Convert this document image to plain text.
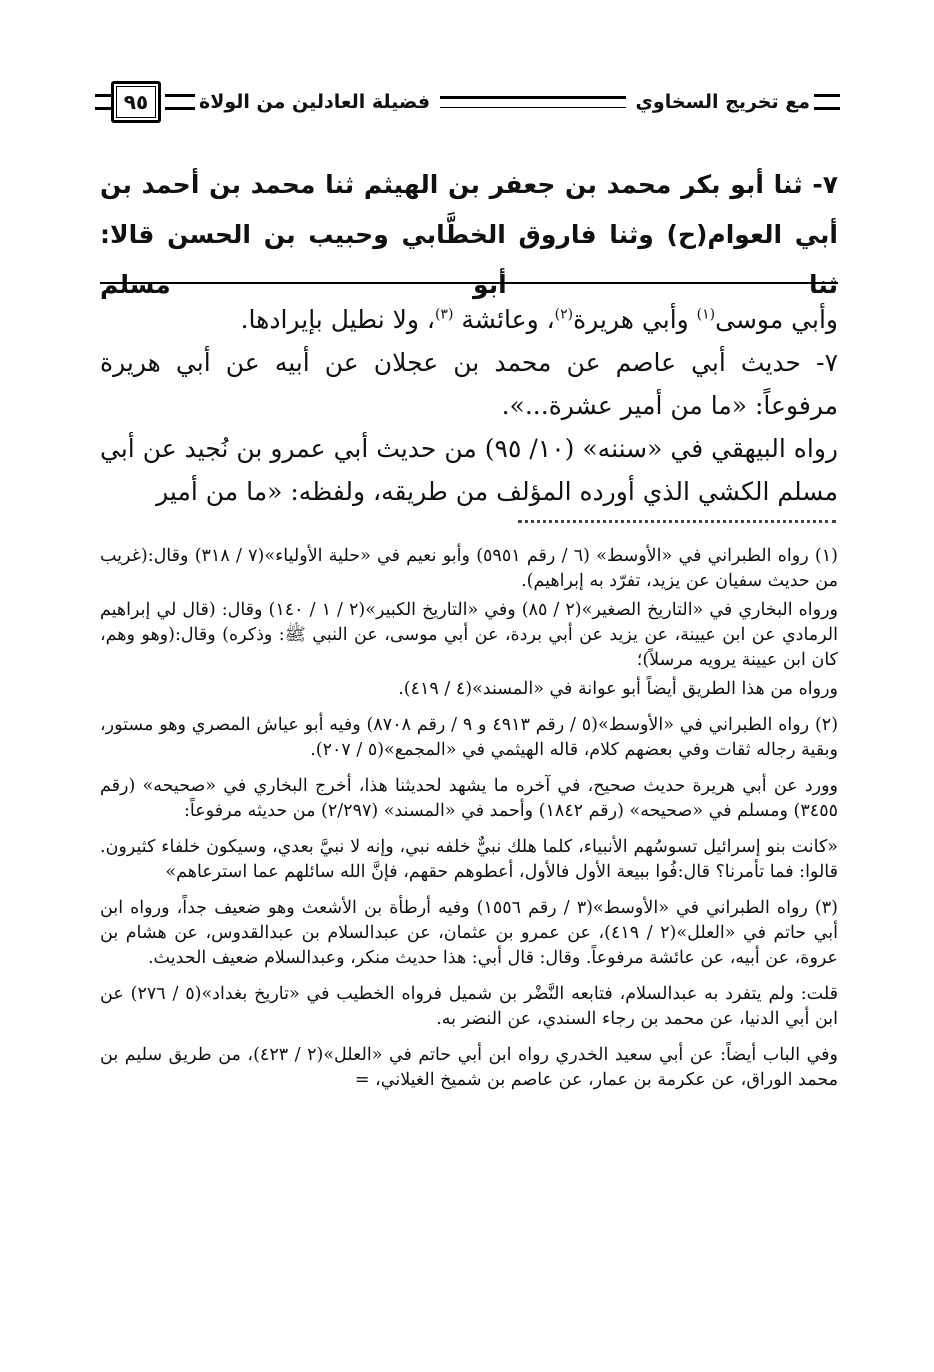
مع تخريج السخاوي
فضيلة العادلين من الولاة
٩٥

٧- ثنا أبو بكر محمد بن جعفر بن الهيثم ثنا محمد بن أحمد بن

أبي العوام(ح) وثنا فاروق الخطَّابي وحبيب بن الحسن قالا: ثنا أبو مسلم

وأبي موسى$^{(١)}$ وأبي هريرة$^{(٢)}$، وعائشة $^{(٣)}$، ولا نطيل بإيرادها.

٧- حديث أبي عاصم عن محمد بن عجلان عن أبيه عن أبي هريرة مرفوعاً: «ما من أمير عشرة...».

رواه البيهقي في «سننه» (١٠/ ٩٥) من حديث أبي عمرو بن نُجيد عن أبي مسلم الكشي الذي أورده المؤلف من طريقه، ولفظه: «ما من أمير

(١) رواه الطبراني في «الأوسط» (٦ / رقم ٥٩٥١) وأبو نعيم في «حلية الأولياء»(٧ / ٣١٨) وقال:(غريب من حديث سفيان عن يزيد، تفرّد به إبراهيم).

ورواه البخاري في «التاريخ الصغير»(٢ / ٨٥) وفي «التاريخ الكبير»(٢ / ١ / ١٤٠) وقال: (قال لي إبراهيم الرمادي عن ابن عيينة، عن يزيد عن أبي بردة، عن أبي موسى، عن النبي ﷺ: وذكره) وقال:(وهو وهم، كان ابن عيينة يرويه مرسلاً)؛

ورواه من هذا الطريق أيضاً أبو عوانة في «المسند»(٤ / ٤١٩).

(٢) رواه الطبراني في «الأوسط»(٥ / رقم ٤٩١٣ و ٩ / رقم ٨٧٠٨) وفيه أبو عياش المصري وهو مستور، وبقية رجاله ثقات وفي بعضهم كلام، قاله الهيثمي في «المجمع»(٥ / ٢٠٧).

وورد عن أبي هريرة حديث صحيح، في آخره ما يشهد لحديثنا هذا، أخرج البخاري في «صحيحه» (رقم ٣٤٥٥) ومسلم في «صحيحه» (رقم ١٨٤٢) وأحمد في «المسند» (٢/٢٩٧) من حديثه مرفوعاً:

«كانت بنو إسرائيل تسوسُهم الأنبياء، كلما هلك نبيٌّ خلفه نبي، وإنه لا نبيَّ بعدي، وسيكون خلفاء كثيرون. قالوا: فما تأمرنا؟ قال:فُوا ببيعة الأول فالأول، أعطوهم حقهم، فإنَّ الله سائلهم عما استرعاهم»

(٣) رواه الطبراني في «الأوسط»(٣ / رقم ١٥٥٦) وفيه أرطأة بن الأشعث وهو ضعيف جداً، ورواه ابن أبي حاتم في «العلل»(٢ / ٤١٩)، عن عمرو بن عثمان، عن عبدالسلام بن عبدالقدوس، عن هشام بن عروة، عن أبيه، عن عائشة مرفوعاً. وقال: قال أبي: هذا حديث منكر، وعبدالسلام ضعيف الحديث.

قلت: ولم يتفرد به عبدالسلام، فتابعه النَّضْر بن شميل فرواه الخطيب في «تاريخ بغداد»(٥ / ٢٧٦) عن ابن أبي الدنيا، عن محمد بن رجاء السندي، عن النضر به.

وفي الباب أيضاً: عن أبي سعيد الخدري رواه ابن أبي حاتم في «العلل»(٢ / ٤٢٣)، من طريق سليم بن محمد الوراق، عن عكرمة بن عمار، عن عاصم بن شميخ الغيلاني، =
